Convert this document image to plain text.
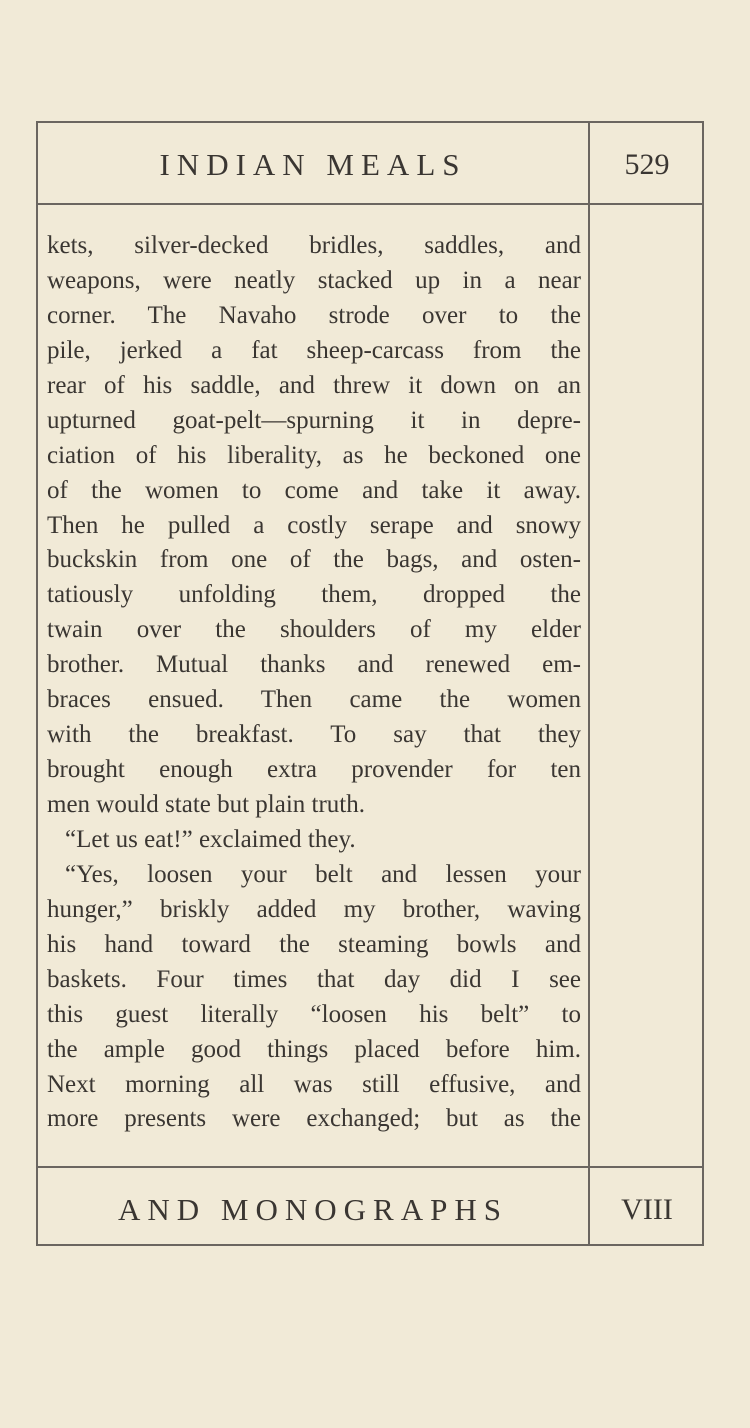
INDIAN MEALS	529
kets, silver-decked bridles, saddles, and
weapons, were neatly stacked up in a near
corner. The Navaho strode over to the
pile, jerked a fat sheep-carcass from the
rear of his saddle, and threw it down on an
upturned goat-pelt—spurning it in depre-
ciation of his liberality, as he beckoned one
of the women to come and take it away.
Then he pulled a costly serape and snowy
buckskin from one of the bags, and osten-
tatiously unfolding them, dropped the
twain over the shoulders of my elder
brother. Mutual thanks and renewed em-
braces ensued. Then came the women
with the breakfast. To say that they
brought enough extra provender for ten
men would state but plain truth.
“Let us eat!” exclaimed they.
“Yes, loosen your belt and lessen your
hunger,” briskly added my brother, waving
his hand toward the steaming bowls and
baskets. Four times that day did I see
this guest literally “loosen his belt” to
the ample good things placed before him.
Next morning all was still effusive, and
more presents were exchanged; but as the
AND MONOGRAPHS	VIII
